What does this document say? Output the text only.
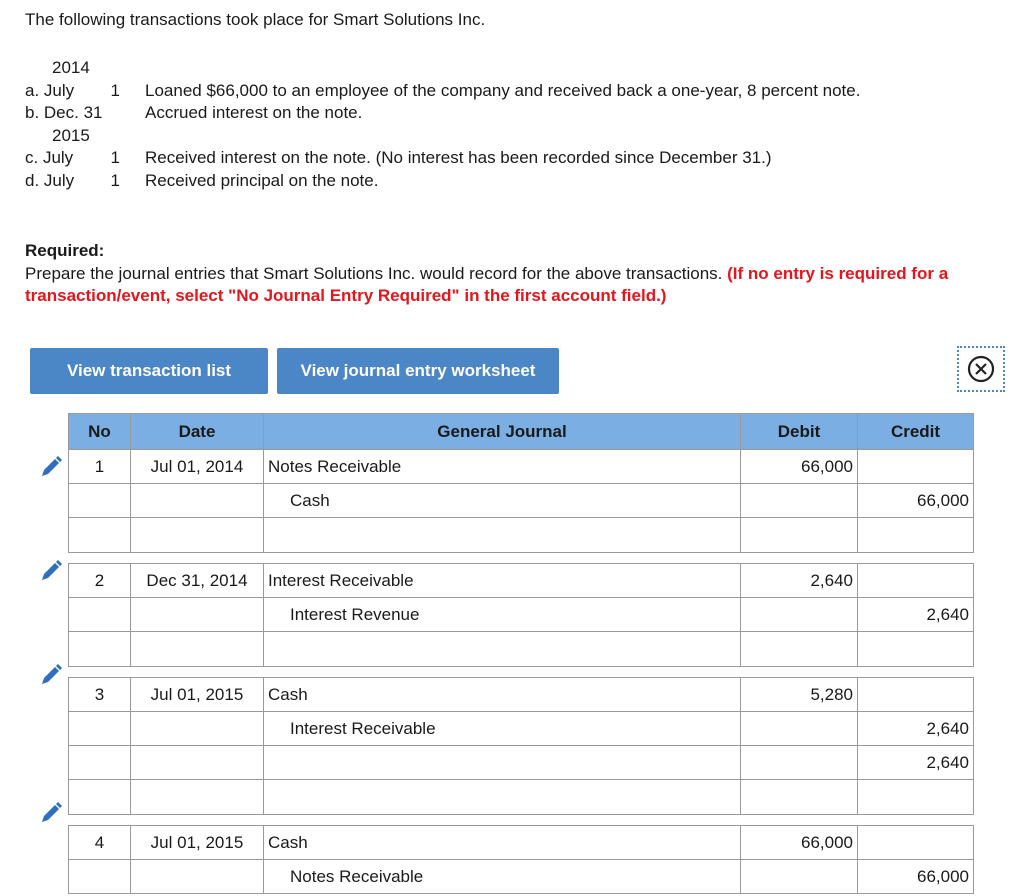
The following transactions took place for Smart Solutions Inc.
2014
a. July	1	Loaned $66,000 to an employee of the company and received back a one-year, 8 percent note.
b. Dec. 31	Accrued interest on the note.
2015
c. July	1	Received interest on the note. (No interest has been recorded since December 31.)
d. July	1	Received principal on the note.
Required:
Prepare the journal entries that Smart Solutions Inc. would record for the above transactions. (If no entry is required for a transaction/event, select "No Journal Entry Required" in the first account field.)
View transaction list	View journal entry worksheet
No	Date	General Journal	Debit	Credit
1	Jul 01, 2014	Notes Receivable	66,000	
		Cash		66,000

2	Dec 31, 2014	Interest Receivable	2,640	
		Interest Revenue		2,640

3	Jul 01, 2015	Cash	5,280	
		Interest Receivable		2,640
				2,640

4	Jul 01, 2015	Cash	66,000	
		Notes Receivable		66,000
